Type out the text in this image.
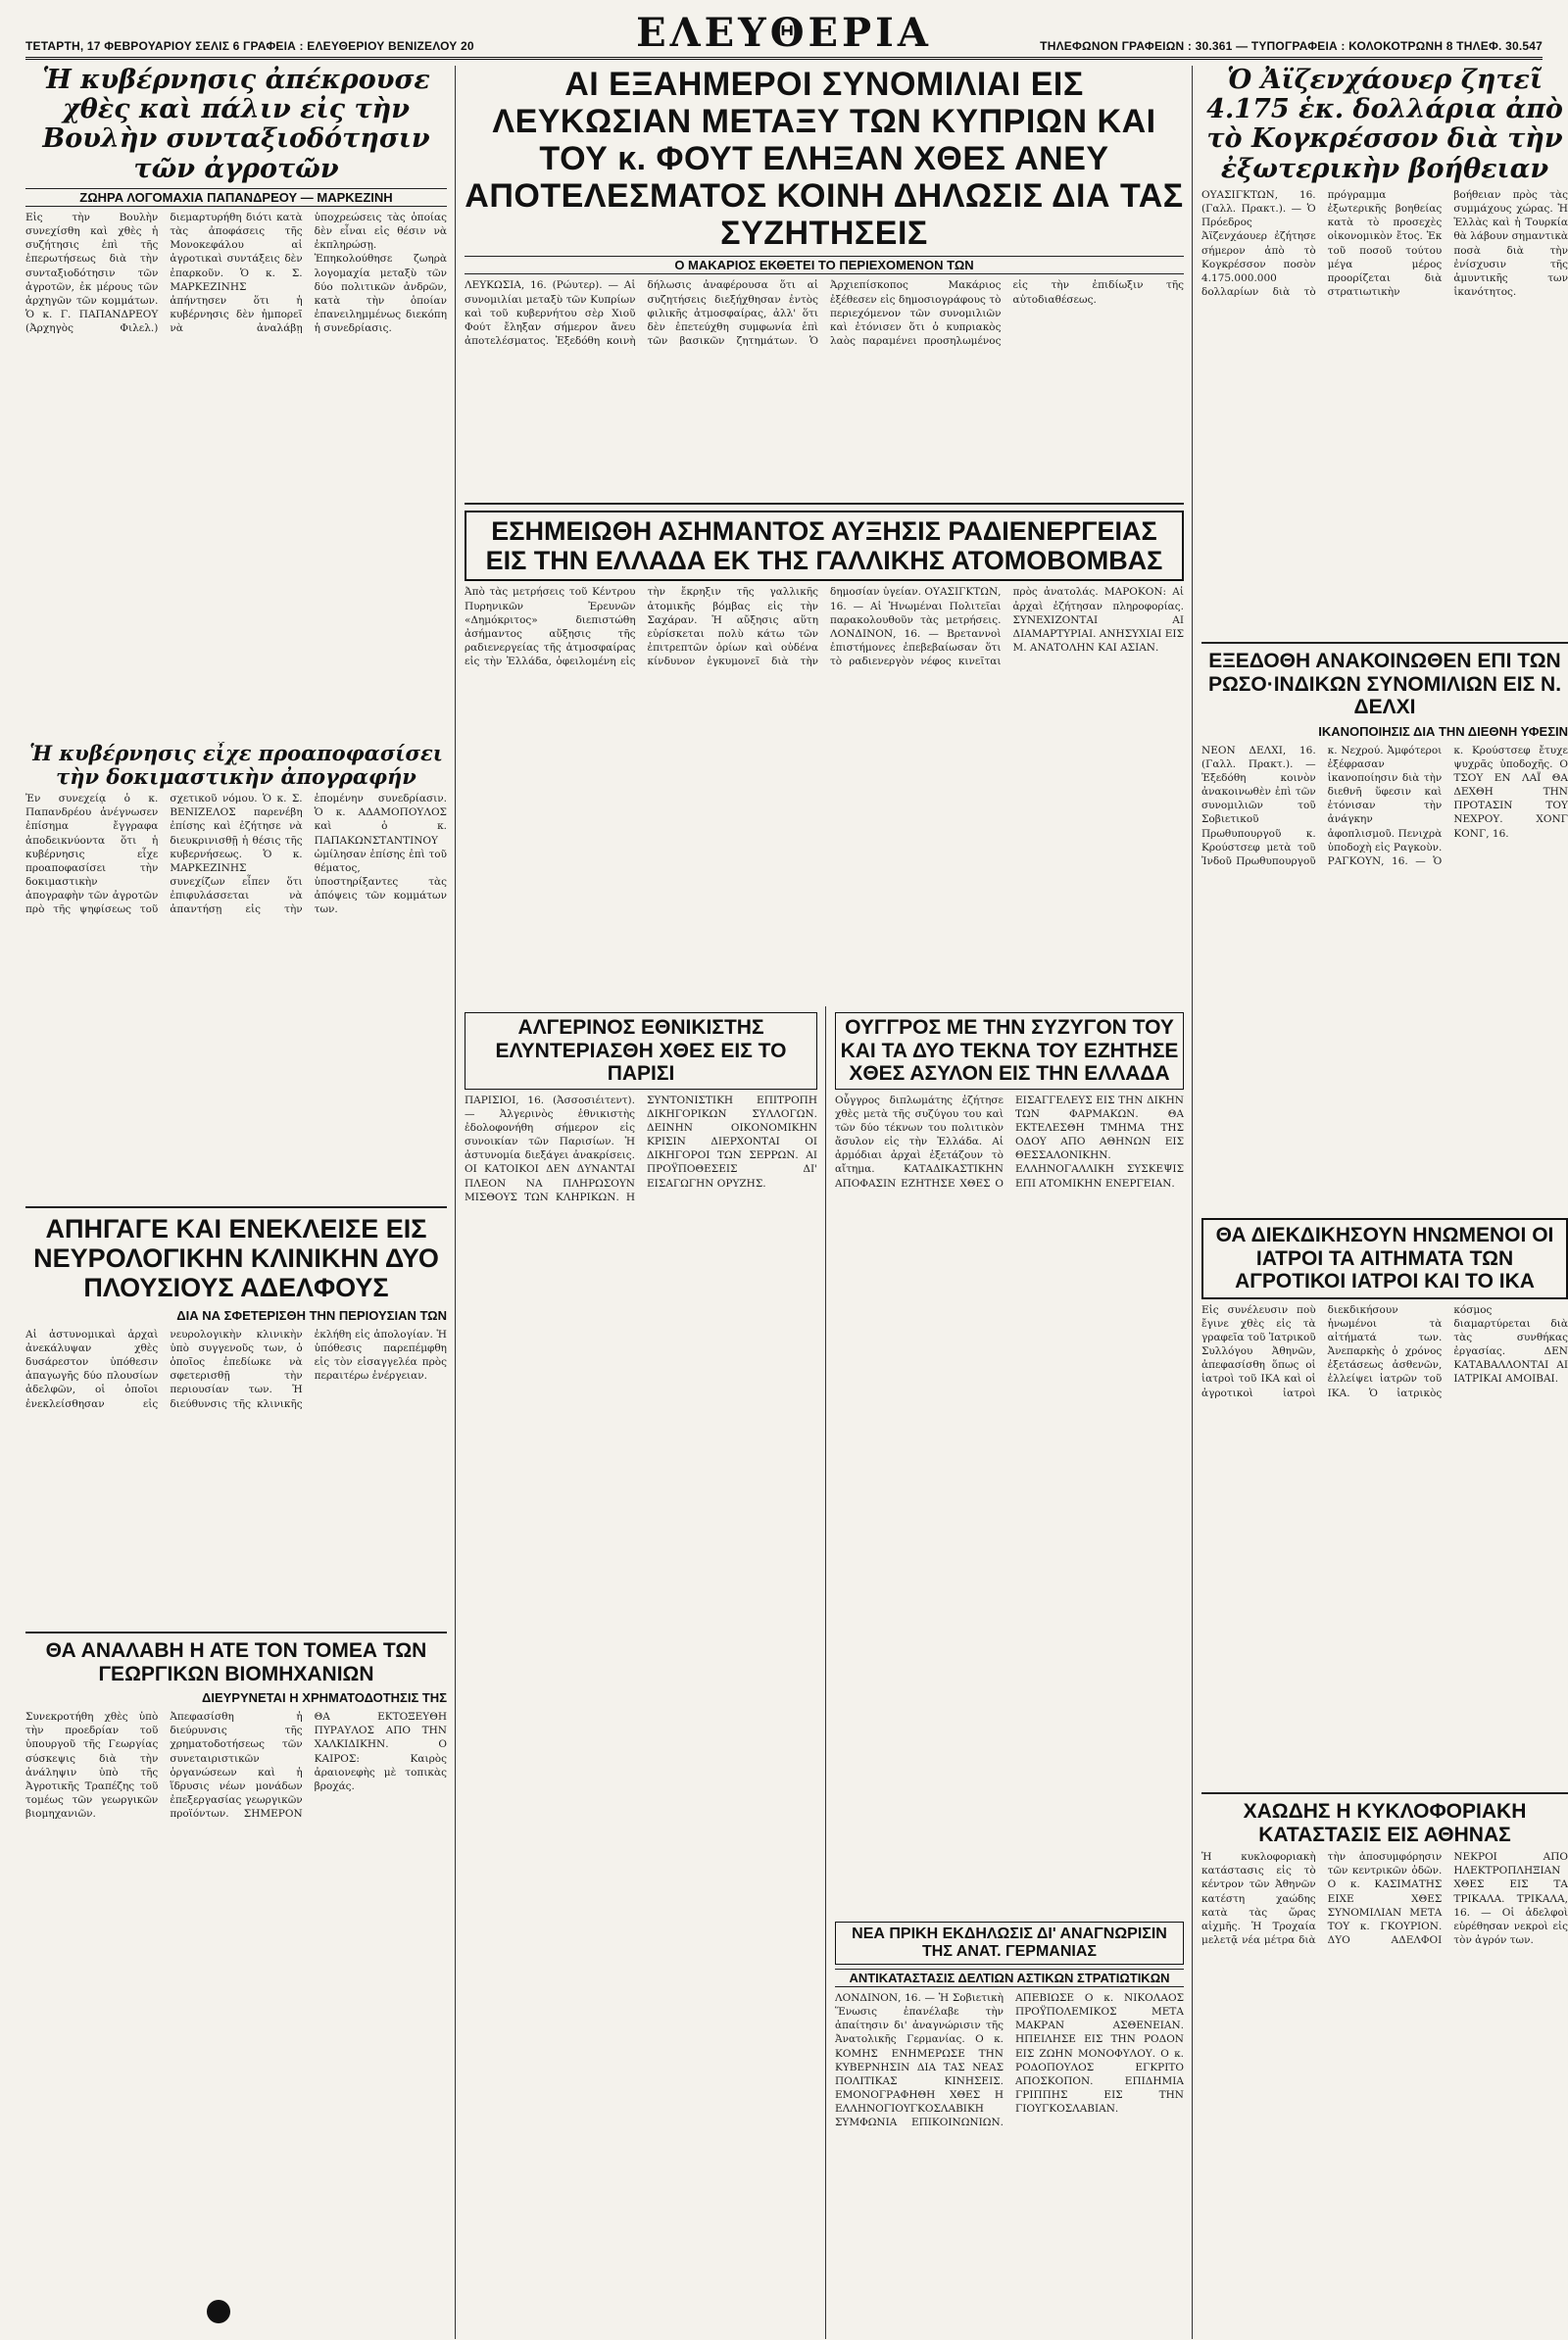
ΤΕΤΑΡΤΗ, 17 ΦΕΒΡΟΥΑΡΙΟΥ ΣΕΛΙΣ 6 ΓΡΑΦΕΙΑ : ΕΛΕΥΘΕΡΙΟΥ ΒΕΝΙΖΕΛΟΥ 20	ΕΛΕΥΘΕΡΙΑ	ΤΗΛΕΦΩΝΟΝ ΓΡΑΦΕΙΩΝ : 30.361 — ΤΥΠΟΓΡΑΦΕΙΑ : ΚΟΛΟΚΟΤΡΩΝΗ 8 ΤΗΛΕΦ. 30.547
Ἡ κυβέρνησις ἀπέκρουσε χθὲς καὶ πάλιν εἰς τὴν Βουλὴν συνταξιοδότησιν τῶν ἀγροτῶν
ΖΩΗΡΑ ΛΟΓΟΜΑΧΙΑ ΠΑΠΑΝΔΡΕΟΥ — ΜΑΡΚΕΖΙΝΗ

Εἰς τὴν Βουλὴν συνεχίσθη καὶ χθὲς ἡ συζήτησις ἐπὶ τῆς ἐπερωτήσεως διὰ τὴν συνταξιοδότησιν τῶν ἀγροτῶν, ἐκ μέρους τῶν ἀρχηγῶν τῶν κομμάτων. Ὁ κ. Γ. ΠΑΠΑΝΔΡΕΟΥ (Ἀρχηγὸς Φιλελ.) διεμαρτυρήθη διότι κατὰ τὰς ἀποφάσεις τῆς Μονοκεφάλου αἱ ἀγροτικαὶ συντάξεις δὲν ἐπαρκοῦν. Ὁ κ. Σ. ΜΑΡΚΕΖΙΝΗΣ ἀπήντησεν ὅτι ἡ κυβέρνησις δὲν ἠμπορεῖ νὰ ἀναλάβῃ ὑποχρεώσεις τὰς ὁποίας δὲν εἶναι εἰς θέσιν νὰ ἐκπληρώσῃ. Ἐπηκολούθησε ζωηρὰ λογομαχία μεταξὺ τῶν δύο πολιτικῶν ἀνδρῶν, κατὰ τὴν ὁποίαν ἐπανειλημμένως διεκόπη ἡ συνεδρίασις.

Ἡ κυβέρνησις εἶχε προαποφασίσει τὴν δοκιμαστικὴν ἀπογραφήν

Ἐν συνεχείᾳ ὁ κ. Παπανδρέου ἀνέγνωσεν ἐπίσημα ἔγγραφα ἀποδεικνύοντα ὅτι ἡ κυβέρνησις εἶχε προαποφασίσει τὴν δοκιμαστικὴν ἀπογραφὴν τῶν ἀγροτῶν πρὸ τῆς ψηφίσεως τοῦ σχετικοῦ νόμου. Ὁ κ. Σ. ΒΕΝΙΖΕΛΟΣ παρενέβη ἐπίσης καὶ ἐζήτησε νὰ διευκρινισθῇ ἡ θέσις τῆς κυβερνήσεως. Ὁ κ. ΜΑΡΚΕΖΙΝΗΣ συνεχίζων εἶπεν ὅτι ἐπιφυλάσσεται νὰ ἀπαντήσῃ εἰς τὴν ἐπομένην συνεδρίασιν. Ὁ κ. ΑΔΑΜΟΠΟΥΛΟΣ καὶ ὁ κ. ΠΑΠΑΚΩΝΣΤΑΝΤΙΝΟΥ ὡμίλησαν ἐπίσης ἐπὶ τοῦ θέματος, ὑποστηρίξαντες τὰς ἀπόψεις τῶν κομμάτων των.

ΑΠΗΓΑΓΕ ΚΑΙ ΕΝΕΚΛΕΙΣΕ ΕΙΣ ΝΕΥΡΟΛΟΓΙΚΗΝ ΚΛΙΝΙΚΗΝ ΔΥΟ ΠΛΟΥΣΙΟΥΣ ΑΔΕΛΦΟΥΣ
ΔΙΑ ΝΑ ΣΦΕΤΕΡΙΣΘΗ ΤΗΝ ΠΕΡΙΟΥΣΙΑΝ ΤΩΝ

Αἱ ἀστυνομικαὶ ἀρχαὶ ἀνεκάλυψαν χθὲς δυσάρεστον ὑπόθεσιν ἀπαγωγῆς δύο πλουσίων ἀδελφῶν, οἱ ὁποῖοι ἐνεκλείσθησαν εἰς νευρολογικὴν κλινικὴν ὑπὸ συγγενοῦς των, ὁ ὁποῖος ἐπεδίωκε νὰ σφετερισθῇ τὴν περιουσίαν των. Ἡ διεύθυνσις τῆς κλινικῆς ἐκλήθη εἰς ἀπολογίαν. Ἡ ὑπόθεσις παρεπέμφθη εἰς τὸν εἰσαγγελέα πρὸς περαιτέρω ἐνέργειαν.

ΘΑ ΑΝΑΛΑΒΗ Η ΑΤΕ ΤΟΝ ΤΟΜΕΑ ΤΩΝ ΓΕΩΡΓΙΚΩΝ ΒΙΟΜΗΧΑΝΙΩΝ
ΔΙΕΥΡΥΝΕΤΑΙ Η ΧΡΗΜΑΤΟΔΟΤΗΣΙΣ ΤΗΣ

Συνεκροτήθη χθὲς ὑπὸ τὴν προεδρίαν τοῦ ὑπουργοῦ τῆς Γεωργίας σύσκεψις διὰ τὴν ἀνάληψιν ὑπὸ τῆς Ἀγροτικῆς Τραπέζης τοῦ τομέως τῶν γεωργικῶν βιομηχανιῶν. Ἀπεφασίσθη ἡ διεύρυνσις τῆς χρηματοδοτήσεως τῶν συνεταιριστικῶν ὀργανώσεων καὶ ἡ ἵδρυσις νέων μονάδων ἐπεξεργασίας γεωργικῶν προϊόντων. ΣΗΜΕΡΟΝ ΘΑ ΕΚΤΟΞΕΥΘΗ ΠΥΡΑΥΛΟΣ ΑΠΟ ΤΗΝ ΧΑΛΚΙΔΙΚΗΝ. Ο ΚΑΙΡΟΣ: Καιρὸς ἀραιονεφὴς μὲ τοπικὰς βροχάς.

ΑΙ ΕΞΑΗΜΕΡΟΙ ΣΥΝΟΜΙΛΙΑΙ ΕΙΣ ΛΕΥΚΩΣΙΑΝ ΜΕΤΑΞΥ ΤΩΝ ΚΥΠΡΙΩΝ ΚΑΙ ΤΟΥ κ. ΦΟΥΤ ΕΛΗΞΑΝ ΧΘΕΣ ΑΝΕΥ ΑΠΟΤΕΛΕΣΜΑΤΟΣ ΚΟΙΝΗ ΔΗΛΩΣΙΣ ΔΙΑ ΤΑΣ ΣΥΖΗΤΗΣΕΙΣ
Ο ΜΑΚΑΡΙΟΣ ΕΚΘΕΤΕΙ ΤΟ ΠΕΡΙΕΧΟΜΕΝΟΝ ΤΩΝ

ΛΕΥΚΩΣΙΑ, 16. (Ρώυτερ). — Αἱ συνομιλίαι μεταξὺ τῶν Κυπρίων καὶ τοῦ κυβερνήτου σὲρ Χιοῦ Φούτ ἔληξαν σήμερον ἄνευ ἀποτελέσματος. Ἐξεδόθη κοινὴ δήλωσις ἀναφέρουσα ὅτι αἱ συζητήσεις διεξήχθησαν ἐντὸς φιλικῆς ἀτμοσφαίρας, ἀλλ' ὅτι δὲν ἐπετεύχθη συμφωνία ἐπὶ τῶν βασικῶν ζητημάτων. Ὁ Ἀρχιεπίσκοπος Μακάριος ἐξέθεσεν εἰς δημοσιογράφους τὸ περιεχόμενον τῶν συνομιλιῶν καὶ ἐτόνισεν ὅτι ὁ κυπριακὸς λαὸς παραμένει προσηλωμένος εἰς τὴν ἐπιδίωξιν τῆς αὐτοδιαθέσεως.

ΕΣΗΜΕΙΩΘΗ ΑΣΗΜΑΝΤΟΣ ΑΥΞΗΣΙΣ ΡΑΔΙΕΝΕΡΓΕΙΑΣ ΕΙΣ ΤΗΝ ΕΛΛΑΔΑ ΕΚ ΤΗΣ ΓΑΛΛΙΚΗΣ ΑΤΟΜΟΒΟΜΒΑΣ

Ἀπὸ τὰς μετρήσεις τοῦ Κέντρου Πυρηνικῶν Ἐρευνῶν «Δημόκριτος» διεπιστώθη ἀσήμαντος αὔξησις τῆς ραδιενεργείας τῆς ἀτμοσφαίρας εἰς τὴν Ἑλλάδα, ὀφειλομένη εἰς τὴν ἔκρηξιν τῆς γαλλικῆς ἀτομικῆς βόμβας εἰς τὴν Σαχάραν. Ἡ αὔξησις αὕτη εὑρίσκεται πολὺ κάτω τῶν ἐπιτρεπτῶν ὁρίων καὶ οὐδένα κίνδυνον ἐγκυμονεῖ διὰ τὴν δημοσίαν ὑγείαν. ΟΥΑΣΙΓΚΤΩΝ, 16. — Αἱ Ἡνωμέναι Πολιτεῖαι παρακολουθοῦν τὰς μετρήσεις. ΛΟΝΔΙΝΟΝ, 16. — Βρεταννοὶ ἐπιστήμονες ἐπεβεβαίωσαν ὅτι τὸ ραδιενεργὸν νέφος κινεῖται πρὸς ἀνατολάς. ΜΑΡΟΚΟΝ: Αἱ ἀρχαὶ ἐζήτησαν πληροφορίας. ΣΥΝΕΧΙΖΟΝΤΑΙ ΑΙ ΔΙΑΜΑΡΤΥΡΙΑΙ. ΑΝΗΣΥΧΙΑΙ ΕΙΣ Μ. ΑΝΑΤΟΛΗΝ ΚΑΙ ΑΣΙΑΝ.

ΑΛΓΕΡΙΝΟΣ ΕΘΝΙΚΙΣΤΗΣ ΕΛΥΝΤΕΡΙΑΣΘΗ ΧΘΕΣ ΕΙΣ ΤΟ ΠΑΡΙΣΙ

ΠΑΡΙΣΙΟΙ, 16. (Ἀσσοσιέιτεντ). — Ἀλγερινὸς ἐθνικιστὴς ἐδολοφονήθη σήμερον εἰς συνοικίαν τῶν Παρισίων. Ἡ ἀστυνομία διεξάγει ἀνακρίσεις. ΟΙ ΚΑΤΟΙΚΟΙ ΔΕΝ ΔΥΝΑΝΤΑΙ ΠΛΕΟΝ ΝΑ ΠΛΗΡΩΣΟΥΝ ΜΙΣΘΟΥΣ ΤΩΝ ΚΛΗΡΙΚΩΝ. Η ΣΥΝΤΟΝΙΣΤΙΚΗ ΕΠΙΤΡΟΠΗ ΔΙΚΗΓΟΡΙΚΩΝ ΣΥΛΛΟΓΩΝ. ΔΕΙΝΗΝ ΟΙΚΟΝΟΜΙΚΗΝ ΚΡΙΣΙΝ ΔΙΕΡΧΟΝΤΑΙ ΟΙ ΔΙΚΗΓΟΡΟΙ ΤΩΝ ΣΕΡΡΩΝ. ΑΙ ΠΡΟΫΠΟΘΕΣΕΙΣ ΔΙ' ΕΙΣΑΓΩΓΗΝ ΟΡΥΖΗΣ.

ΟΥΓΓΡΟΣ ΜΕ ΤΗΝ ΣΥΖΥΓΟΝ ΤΟΥ ΚΑΙ ΤΑ ΔΥΟ ΤΕΚΝΑ ΤΟΥ ΕΖΗΤΗΣΕ ΧΘΕΣ ΑΣΥΛΟΝ ΕΙΣ ΤΗΝ ΕΛΛΑΔΑ

Οὖγγρος διπλωμάτης ἐζήτησε χθὲς μετὰ τῆς συζύγου του καὶ τῶν δύο τέκνων του πολιτικὸν ἄσυλον εἰς τὴν Ἑλλάδα. Αἱ ἁρμόδιαι ἀρχαὶ ἐξετάζουν τὸ αἴτημα. ΚΑΤΑΔΙΚΑΣΤΙΚΗΝ ΑΠΟΦΑΣΙΝ ΕΖΗΤΗΣΕ ΧΘΕΣ Ο ΕΙΣΑΓΓΕΛΕΥΣ ΕΙΣ ΤΗΝ ΔΙΚΗΝ ΤΩΝ ΦΑΡΜΑΚΩΝ. ΘΑ ΕΚΤΕΛΕΣΘΗ ΤΜΗΜΑ ΤΗΣ ΟΔΟΥ ΑΠΟ ΑΘΗΝΩΝ ΕΙΣ ΘΕΣΣΑΛΟΝΙΚΗΝ. ΕΛΛΗΝΟΓΑΛΛΙΚΗ ΣΥΣΚΕΨΙΣ ΕΠΙ ΑΤΟΜΙΚΗΝ ΕΝΕΡΓΕΙΑΝ.

ΝΕΑ ΠΡΙΚΗ ΕΚΔΗΛΩΣΙΣ ΔΙ' ΑΝΑΓΝΩΡΙΣΙΝ ΤΗΣ ΑΝΑΤ. ΓΕΡΜΑΝΙΑΣ
ΑΝΤΙΚΑΤΑΣΤΑΣΙΣ ΔΕΛΤΙΩΝ ΑΣΤΙΚΩΝ ΣΤΡΑΤΙΩΤΙΚΩΝ

ΛΟΝΔΙΝΟΝ, 16. — Ἡ Σοβιετικὴ Ἕνωσις ἐπανέλαβε τὴν ἀπαίτησιν δι' ἀναγνώρισιν τῆς Ἀνατολικῆς Γερμανίας. Ο κ. ΚΟΜΗΣ ΕΝΗΜΕΡΩΣΕ ΤΗΝ ΚΥΒΕΡΝΗΣΙΝ ΔΙΑ ΤΑΣ ΝΕΑΣ ΠΟΛΙΤΙΚΑΣ ΚΙΝΗΣΕΙΣ. ΕΜΟΝΟΓΡΑΦΗΘΗ ΧΘΕΣ Η ΕΛΛΗΝΟΓΙΟΥΓΚΟΣΛΑΒΙΚΗ ΣΥΜΦΩΝΙΑ ΕΠΙΚΟΙΝΩΝΙΩΝ. ΑΠΕΒΙΩΣΕ Ο κ. ΝΙΚΟΛΑΟΣ ΠΡΟΫΠΟΛΕΜΙΚΟΣ ΜΕΤΑ ΜΑΚΡΑΝ ΑΣΘΕΝΕΙΑΝ. ΗΠΕΙΛΗΣΕ ΕΙΣ ΤΗΝ ΡΟΔΟΝ ΕΙΣ ΖΩΗΝ ΜΟΝΟΦΥΛΟΥ. Ο κ. ΡΟΔΟΠΟΥΛΟΣ ΕΓΚΡΙΤΟ ΑΠΟΣΚΟΠΟΝ. ΕΠΙΔΗΜΙΑ ΓΡΙΠΠΗΣ ΕΙΣ ΤΗΝ ΓΙΟΥΓΚΟΣΛΑΒΙΑΝ.

Ὁ Ἀϊζενχάουερ ζητεῖ 4.175 ἑκ. δολλάρια ἀπὸ τὸ Κογκρέσσον διὰ τὴν ἐξωτερικὴν βοήθειαν

ΟΥΑΣΙΓΚΤΩΝ, 16. (Γαλλ. Πρακτ.). — Ὁ Πρόεδρος Ἀϊζενχάουερ ἐζήτησε σήμερον ἀπὸ τὸ Κογκρέσσον ποσὸν 4.175.000.000 δολλαρίων διὰ τὸ πρόγραμμα ἐξωτερικῆς βοηθείας κατὰ τὸ προσεχὲς οἰκονομικὸν ἔτος. Ἐκ τοῦ ποσοῦ τούτου μέγα μέρος προορίζεται διὰ στρατιωτικὴν βοήθειαν πρὸς τὰς συμμάχους χώρας. Ἡ Ἑλλὰς καὶ ἡ Τουρκία θὰ λάβουν σημαντικὰ ποσὰ διὰ τὴν ἐνίσχυσιν τῆς ἀμυντικῆς των ἱκανότητος.

ΕΞΕΔΟΘΗ ΑΝΑΚΟΙΝΩΘΕΝ ΕΠΙ ΤΩΝ ΡΩΣΟ·ΙΝΔΙΚΩΝ ΣΥΝΟΜΙΛΙΩΝ ΕΙΣ Ν. ΔΕΛΧΙ
ΙΚΑΝΟΠΟΙΗΣΙΣ ΔΙΑ ΤΗΝ ΔΙΕΘΝΗ ΥΦΕΣΙΝ

ΝΕΟΝ ΔΕΛΧΙ, 16. (Γαλλ. Πρακτ.). — Ἐξεδόθη κοινὸν ἀνακοινωθὲν ἐπὶ τῶν συνομιλιῶν τοῦ Σοβιετικοῦ Πρωθυπουργοῦ κ. Κρούστσεφ μετὰ τοῦ Ἰνδοῦ Πρωθυπουργοῦ κ. Νεχρού. Ἀμφότεροι ἐξέφρασαν ἱκανοποίησιν διὰ τὴν διεθνῆ ὕφεσιν καὶ ἐτόνισαν τὴν ἀνάγκην ἀφοπλισμοῦ. Πενιχρὰ ὑποδοχὴ εἰς Ραγκοὺν. ΡΑΓΚΟΥΝ, 16. — Ὁ κ. Κρούστσεφ ἔτυχε ψυχρᾶς ὑποδοχῆς. Ο ΤΣΟΥ ΕΝ ΛΑΪ ΘΑ ΔΕΧΘΗ ΤΗΝ ΠΡΟΤΑΣΙΝ ΤΟΥ ΝΕΧΡΟΥ. ΧΟΝΓ ΚΟΝΓ, 16.

ΘΑ ΔΙΕΚΔΙΚΗΣΟΥΝ ΗΝΩΜΕΝΟΙ ΟΙ ΙΑΤΡΟΙ ΤΑ ΑΙΤΗΜΑΤΑ ΤΩΝ ΑΓΡΟΤΙΚΟΙ ΙΑΤΡΟΙ ΚΑΙ ΤΟ ΙΚΑ

Εἰς συνέλευσιν ποὺ ἔγινε χθὲς εἰς τὰ γραφεῖα τοῦ Ἰατρικοῦ Συλλόγου Ἀθηνῶν, ἀπεφασίσθη ὅπως οἱ ἰατροὶ τοῦ ΙΚΑ καὶ οἱ ἀγροτικοὶ ἰατροὶ διεκδικήσουν ἡνωμένοι τὰ αἰτήματά των. Ἀνεπαρκὴς ὁ χρόνος ἐξετάσεως ἀσθενῶν, ἐλλείψει ἰατρῶν τοῦ ΙΚΑ. Ὁ ἰατρικὸς κόσμος διαμαρτύρεται διὰ τὰς συνθήκας ἐργασίας. ΔΕΝ ΚΑΤΑΒΑΛΛΟΝΤΑΙ ΑΙ ΙΑΤΡΙΚΑΙ ΑΜΟΙΒΑΙ.

ΧΑΩΔΗΣ Η ΚΥΚΛΟΦΟΡΙΑΚΗ ΚΑΤΑΣΤΑΣΙΣ ΕΙΣ ΑΘΗΝΑΣ

Ἡ κυκλοφοριακὴ κατάστασις εἰς τὸ κέντρον τῶν Ἀθηνῶν κατέστη χαώδης κατὰ τὰς ὥρας αἰχμῆς. Ἡ Τροχαία μελετᾷ νέα μέτρα διὰ τὴν ἀποσυμφόρησιν τῶν κεντρικῶν ὁδῶν. Ο κ. ΚΑΣΙΜΑΤΗΣ ΕΙΧΕ ΧΘΕΣ ΣΥΝΟΜΙΛΙΑΝ ΜΕΤΑ ΤΟΥ κ. ΓΚΟΥΡΙΟΝ. ΔΥΟ ΑΔΕΛΦΟΙ ΝΕΚΡΟΙ ΑΠΟ ΗΛΕΚΤΡΟΠΛΗΞΙΑΝ ΧΘΕΣ ΕΙΣ ΤΑ ΤΡΙΚΑΛΑ. ΤΡΙΚΑΛΑ, 16. — Οἱ ἀδελφοὶ εὑρέθησαν νεκροὶ εἰς τὸν ἀγρόν των.
